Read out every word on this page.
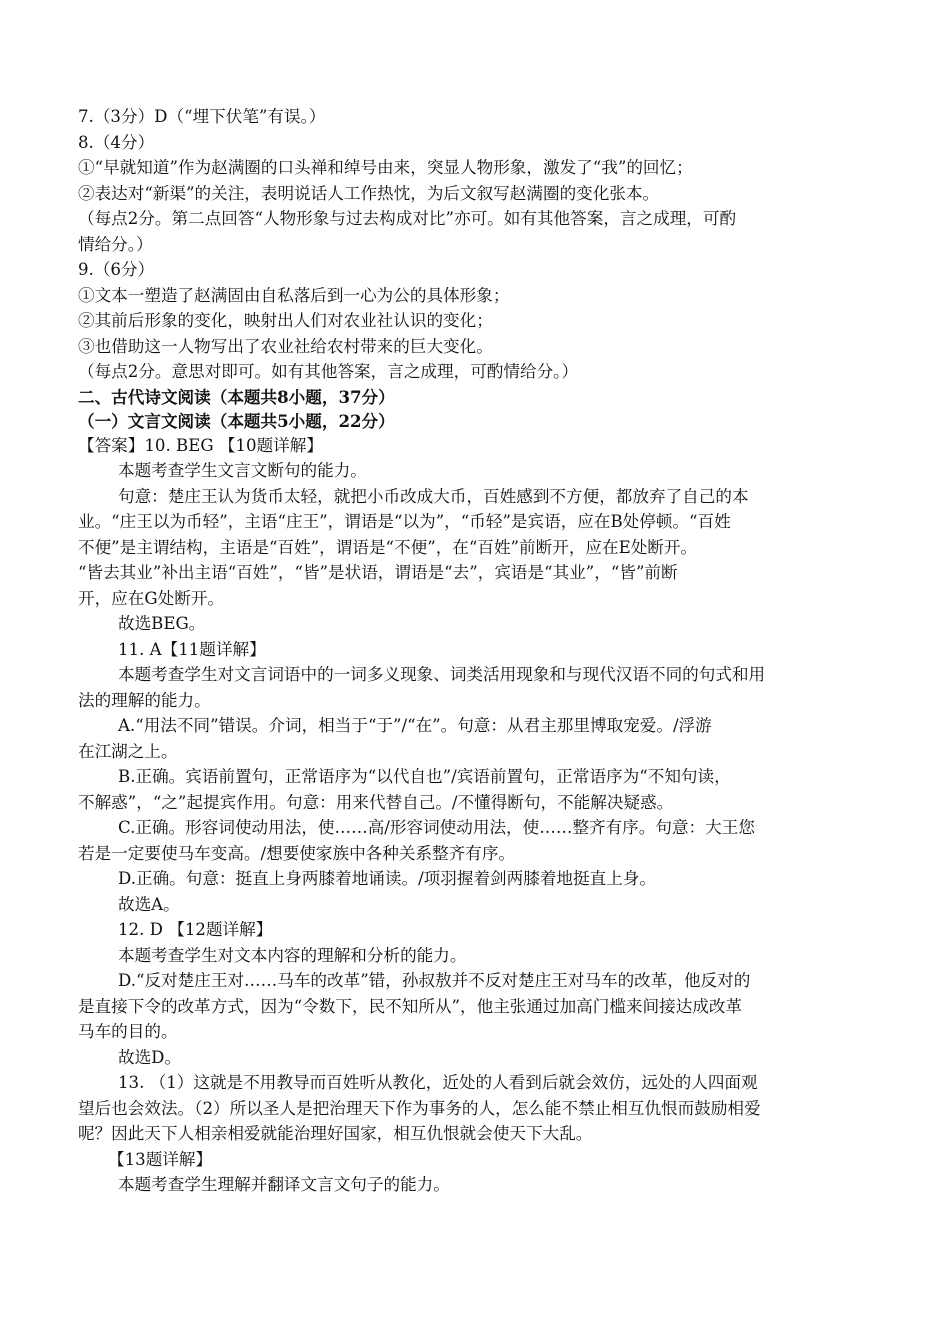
7.（3分）D（“埋下伏笔”有误。）
8.（4分）
①“早就知道”作为赵满圈的口头禅和绰号由来，突显人物形象，激发了“我”的回忆；
②表达对“新渠”的关注，表明说话人工作热忱，为后文叙写赵满圈的变化张本。
（每点2分。第二点回答“人物形象与过去构成对比”亦可。如有其他答案，言之成理，可酌
情给分。）
9.（6分）
①文本一塑造了赵满固由自私落后到一心为公的具体形象；
②其前后形象的变化，映射出人们对农业社认识的变化；
③也借助这一人物写出了农业社给农村带来的巨大变化。
（每点2分。意思对即可。如有其他答案，言之成理，可酌情给分。）
二、古代诗文阅读（本题共8小题，37分）
（一）文言文阅读（本题共5小题，22分）
【答案】10. BEG 【10题详解】
本题考查学生文言文断句的能力。
句意：楚庄王认为货币太轻，就把小币改成大币，百姓感到不方便，都放弃了自己的本
业。“庄王以为币轻”，主语“庄王”，谓语是“以为”，“币轻”是宾语，应在B处停顿。“百姓
不便”是主谓结构，主语是“百姓”，谓语是“不便”，在“百姓”前断开，应在E处断开。
“皆去其业”补出主语“百姓”，“皆”是状语，谓语是“去”，宾语是“其业”，“皆”前断
开，应在G处断开。
故选BEG。
11. A【11题详解】
本题考查学生对文言词语中的一词多义现象、词类活用现象和与现代汉语不同的句式和用
法的理解的能力。
A.“用法不同”错误。介词，相当于“于”/“在”。句意：从君主那里博取宠爱。/浮游
在江湖之上。
B.正确。宾语前置句，正常语序为“以代自也”/宾语前置句，正常语序为“不知句读，
不解惑”，“之”起提宾作用。句意：用来代替自己。/不懂得断句，不能解决疑惑。
C.正确。形容词使动用法，使……高/形容词使动用法，使……整齐有序。句意：大王您
若是一定要使马车变高。/想要使家族中各种关系整齐有序。
D.正确。句意：挺直上身两膝着地诵读。/项羽握着剑两膝着地挺直上身。
故选A。
12. D 【12题详解】
本题考查学生对文本内容的理解和分析的能力。
D.“反对楚庄王对……马车的改革”错，孙叔敖并不反对楚庄王对马车的改革，他反对的
是直接下令的改革方式，因为“令数下，民不知所从”，他主张通过加高门槛来间接达成改革
马车的目的。
故选D。
13. （1）这就是不用教导而百姓听从教化，近处的人看到后就会效仿，远处的人四面观
望后也会效法。（2）所以圣人是把治理天下作为事务的人，怎么能不禁止相互仇恨而鼓励相爱
呢？因此天下人相亲相爱就能治理好国家，相互仇恨就会使天下大乱。
【13题详解】
本题考查学生理解并翻译文言文句子的能力。
